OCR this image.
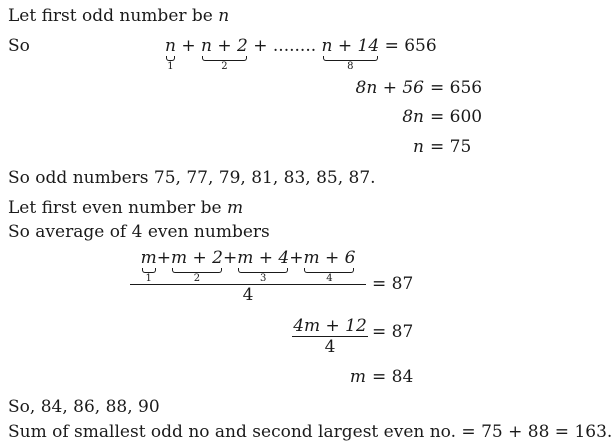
Let first odd number be n
So	n
1
+ n + 2
2
+ ........ n + 14
8
= 656
8n + 56 = 656
8n = 600
n = 75
So odd numbers 75, 77, 79, 81, 83, 85, 87.
Let first even number be m
So average of 4 even numbers
m
1
+m + 2
2
+m + 4
3
+m + 6
4
4
= 87
4m + 12
4
= 87
m = 84
So, 84, 86, 88, 90
Sum of smallest odd no and second largest even no. = 75 + 88 = 163.
